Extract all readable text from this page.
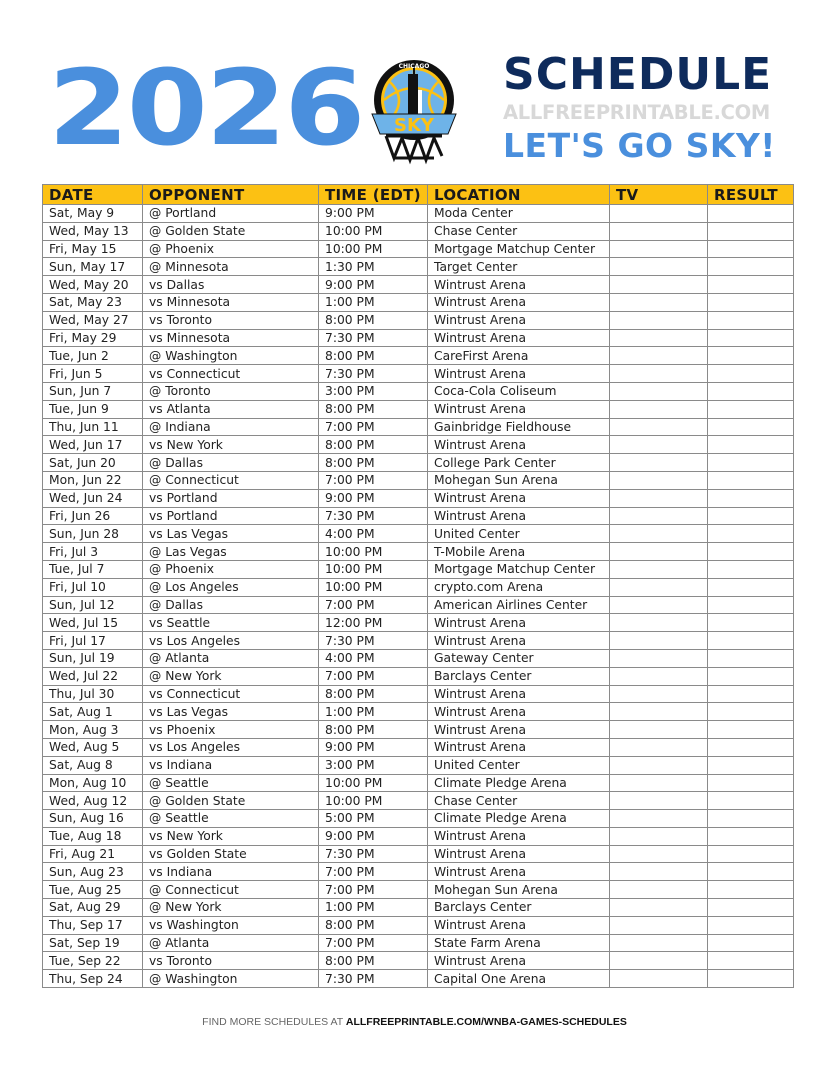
2026	CHICAGO
SKY
SCHEDULE
ALLFREEPRINTABLE.COM
LET'S GO SKY!
DATE	OPPONENT	TIME (EDT)	LOCATION	TV	RESULT
Sat, May 9	@ Portland	9:00 PM	Moda Center		
Wed, May 13	@ Golden State	10:00 PM	Chase Center		
Fri, May 15	@ Phoenix	10:00 PM	Mortgage Matchup Center		
Sun, May 17	@ Minnesota	1:30 PM	Target Center		
Wed, May 20	vs Dallas	9:00 PM	Wintrust Arena		
Sat, May 23	vs Minnesota	1:00 PM	Wintrust Arena		
Wed, May 27	vs Toronto	8:00 PM	Wintrust Arena		
Fri, May 29	vs Minnesota	7:30 PM	Wintrust Arena		
Tue, Jun 2	@ Washington	8:00 PM	CareFirst Arena		
Fri, Jun 5	vs Connecticut	7:30 PM	Wintrust Arena		
Sun, Jun 7	@ Toronto	3:00 PM	Coca-Cola Coliseum		
Tue, Jun 9	vs Atlanta	8:00 PM	Wintrust Arena		
Thu, Jun 11	@ Indiana	7:00 PM	Gainbridge Fieldhouse		
Wed, Jun 17	vs New York	8:00 PM	Wintrust Arena		
Sat, Jun 20	@ Dallas	8:00 PM	College Park Center		
Mon, Jun 22	@ Connecticut	7:00 PM	Mohegan Sun Arena		
Wed, Jun 24	vs Portland	9:00 PM	Wintrust Arena		
Fri, Jun 26	vs Portland	7:30 PM	Wintrust Arena		
Sun, Jun 28	vs Las Vegas	4:00 PM	United Center		
Fri, Jul 3	@ Las Vegas	10:00 PM	T-Mobile Arena		
Tue, Jul 7	@ Phoenix	10:00 PM	Mortgage Matchup Center		
Fri, Jul 10	@ Los Angeles	10:00 PM	crypto.com Arena		
Sun, Jul 12	@ Dallas	7:00 PM	American Airlines Center		
Wed, Jul 15	vs Seattle	12:00 PM	Wintrust Arena		
Fri, Jul 17	vs Los Angeles	7:30 PM	Wintrust Arena		
Sun, Jul 19	@ Atlanta	4:00 PM	Gateway Center		
Wed, Jul 22	@ New York	7:00 PM	Barclays Center		
Thu, Jul 30	vs Connecticut	8:00 PM	Wintrust Arena		
Sat, Aug 1	vs Las Vegas	1:00 PM	Wintrust Arena		
Mon, Aug 3	vs Phoenix	8:00 PM	Wintrust Arena		
Wed, Aug 5	vs Los Angeles	9:00 PM	Wintrust Arena		
Sat, Aug 8	vs Indiana	3:00 PM	United Center		
Mon, Aug 10	@ Seattle	10:00 PM	Climate Pledge Arena		
Wed, Aug 12	@ Golden State	10:00 PM	Chase Center		
Sun, Aug 16	@ Seattle	5:00 PM	Climate Pledge Arena		
Tue, Aug 18	vs New York	9:00 PM	Wintrust Arena		
Fri, Aug 21	vs Golden State	7:30 PM	Wintrust Arena		
Sun, Aug 23	vs Indiana	7:00 PM	Wintrust Arena		
Tue, Aug 25	@ Connecticut	7:00 PM	Mohegan Sun Arena		
Sat, Aug 29	@ New York	1:00 PM	Barclays Center		
Thu, Sep 17	vs Washington	8:00 PM	Wintrust Arena		
Sat, Sep 19	@ Atlanta	7:00 PM	State Farm Arena		
Tue, Sep 22	vs Toronto	8:00 PM	Wintrust Arena		
Thu, Sep 24	@ Washington	7:30 PM	Capital One Arena		
FIND MORE SCHEDULES AT ALLFREEPRINTABLE.COM/WNBA-GAMES-SCHEDULES
